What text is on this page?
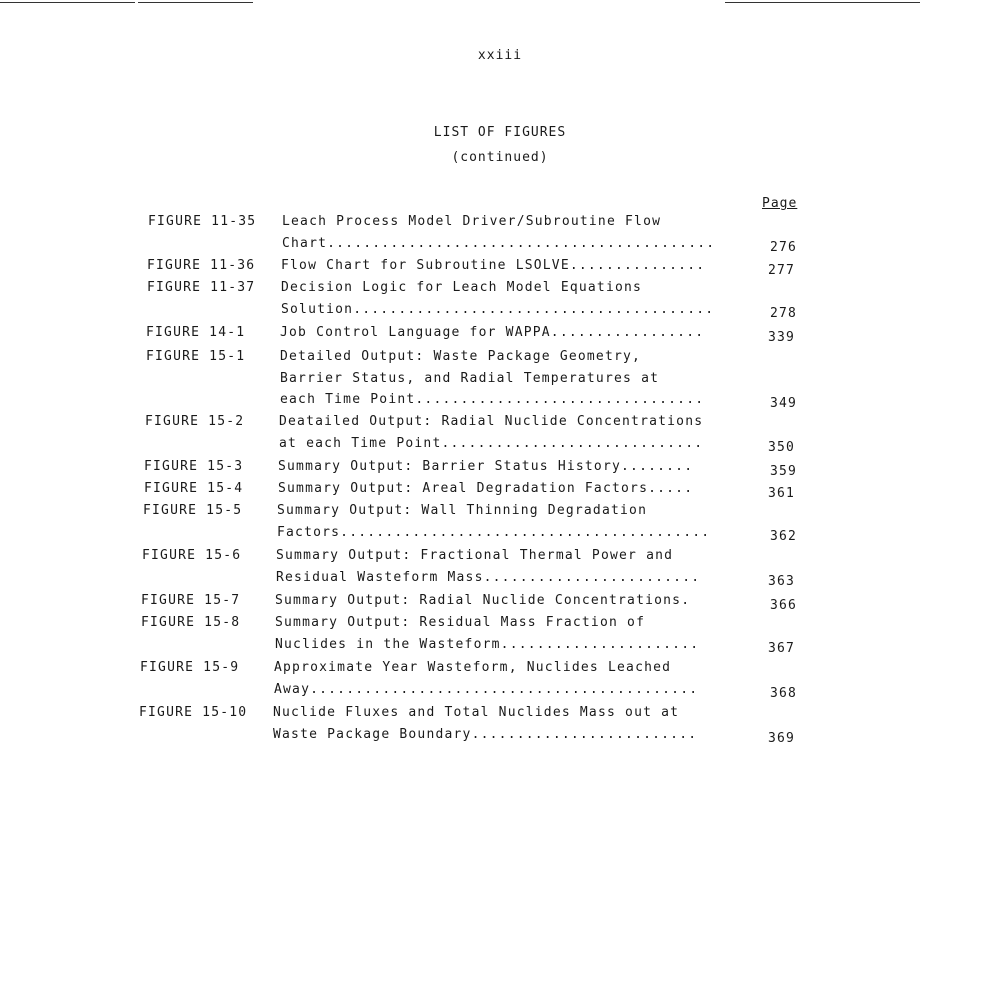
xxiii
LIST OF FIGURES
(continued)
Page
FIGURE 11-35 Leach Process Model Driver/Subroutine Flow
Chart...........................................	276
FIGURE 11-36 Flow Chart for Subroutine LSOLVE...............	277
FIGURE 11-37 Decision Logic for Leach Model Equations
Solution........................................	278
FIGURE 14-1	Job Control Language for WAPPA.................	339
FIGURE 15-1	Detailed Output: Waste Package Geometry,
Barrier Status, and Radial Temperatures at
each Time Point................................	349
FIGURE 15-2	Deatailed Output: Radial Nuclide Concentrations
at each Time Point.............................	350
FIGURE 15-3	Summary Output: Barrier Status History........	359
FIGURE 15-4	Summary Output: Areal Degradation Factors.....	361
FIGURE 15-5	Summary Output: Wall Thinning Degradation
Factors.........................................	362
FIGURE 15-6	Summary Output: Fractional Thermal Power and
Residual Wasteform Mass........................	363
FIGURE 15-7	Summary Output: Radial Nuclide Concentrations.	366
FIGURE 15-8	Summary Output: Residual Mass Fraction of
Nuclides in the Wasteform......................	367
FIGURE 15-9	Approximate Year Wasteform, Nuclides Leached
Away...........................................	368
FIGURE 15-10 Nuclide Fluxes and Total Nuclides Mass out at
Waste Package Boundary.........................	369
